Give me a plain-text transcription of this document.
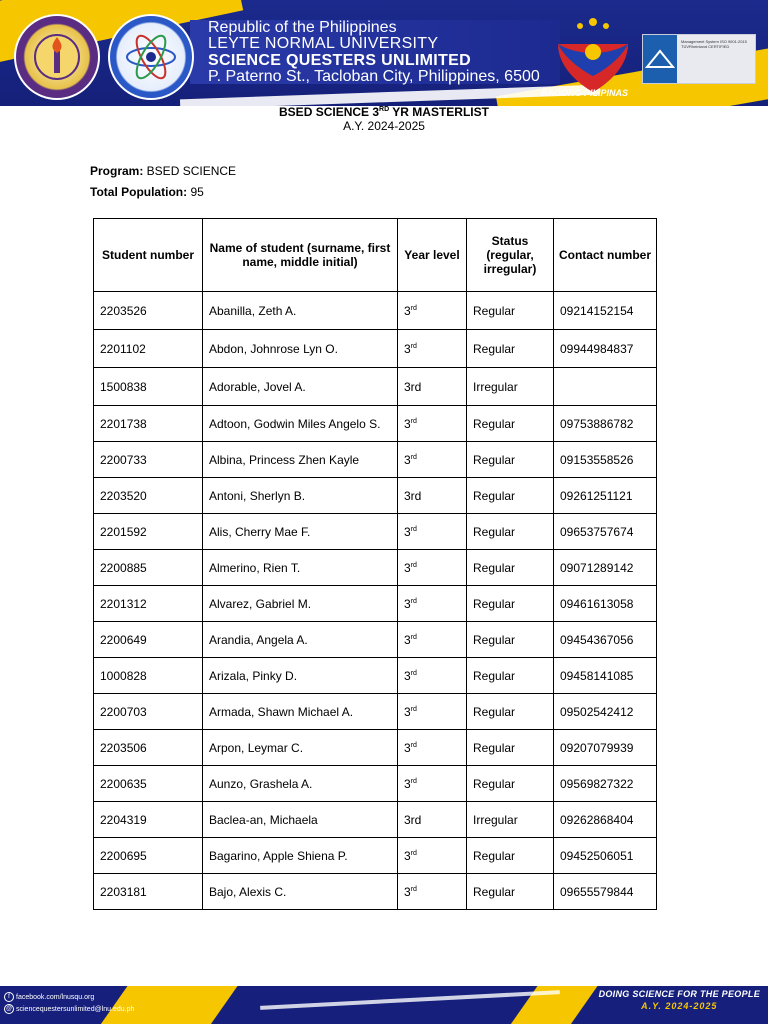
Republic of the Philippines
LEYTE NORMAL UNIVERSITY
SCIENCE QUESTERS UNLIMITED
P. Paterno St., Tacloban City, Philippines, 6500
BAGONG PILIPINAS
Management System ISO 9001:2015 TÜVRheinland CERTIFIED
BSED SCIENCE 3RD YR MASTERLIST
A.Y. 2024-2025
Program: BSED SCIENCE
Total Population: 95
Student number	Name of student (surname, first name, middle initial)	Year level	Status (regular, irregular)	Contact number
2203526	Abanilla, Zeth A.	3rd	Regular	09214152154
2201102	Abdon, Johnrose Lyn O.	3rd	Regular	09944984837
1500838	Adorable, Jovel A.	3rd	Irregular	
2201738	Adtoon, Godwin Miles Angelo S.	3rd	Regular	09753886782
2200733	Albina, Princess Zhen Kayle	3rd	Regular	09153558526
2203520	Antoni, Sherlyn B.	3rd	Regular	09261251121
2201592	Alis, Cherry Mae F.	3rd	Regular	09653757674
2200885	Almerino, Rien T.	3rd	Regular	09071289142
2201312	Alvarez, Gabriel M.	3rd	Regular	09461613058
2200649	Arandia, Angela A.	3rd	Regular	09454367056
1000828	Arizala, Pinky D.	3rd	Regular	09458141085
2200703	Armada, Shawn Michael A.	3rd	Regular	09502542412
2203506	Arpon, Leymar C.	3rd	Regular	09207079939
2200635	Aunzo, Grashela A.	3rd	Regular	09569827322
2204319	Baclea-an, Michaela	3rd	Irregular	09262868404
2200695	Bagarino, Apple Shiena P.	3rd	Regular	09452506051
2203181	Bajo, Alexis C.	3rd	Regular	09655579844
f facebook.com/lnusqu.org
@ sciencequestersunlimited@lnu.edu.ph
DOING SCIENCE FOR THE PEOPLE
A.Y. 2024-2025
